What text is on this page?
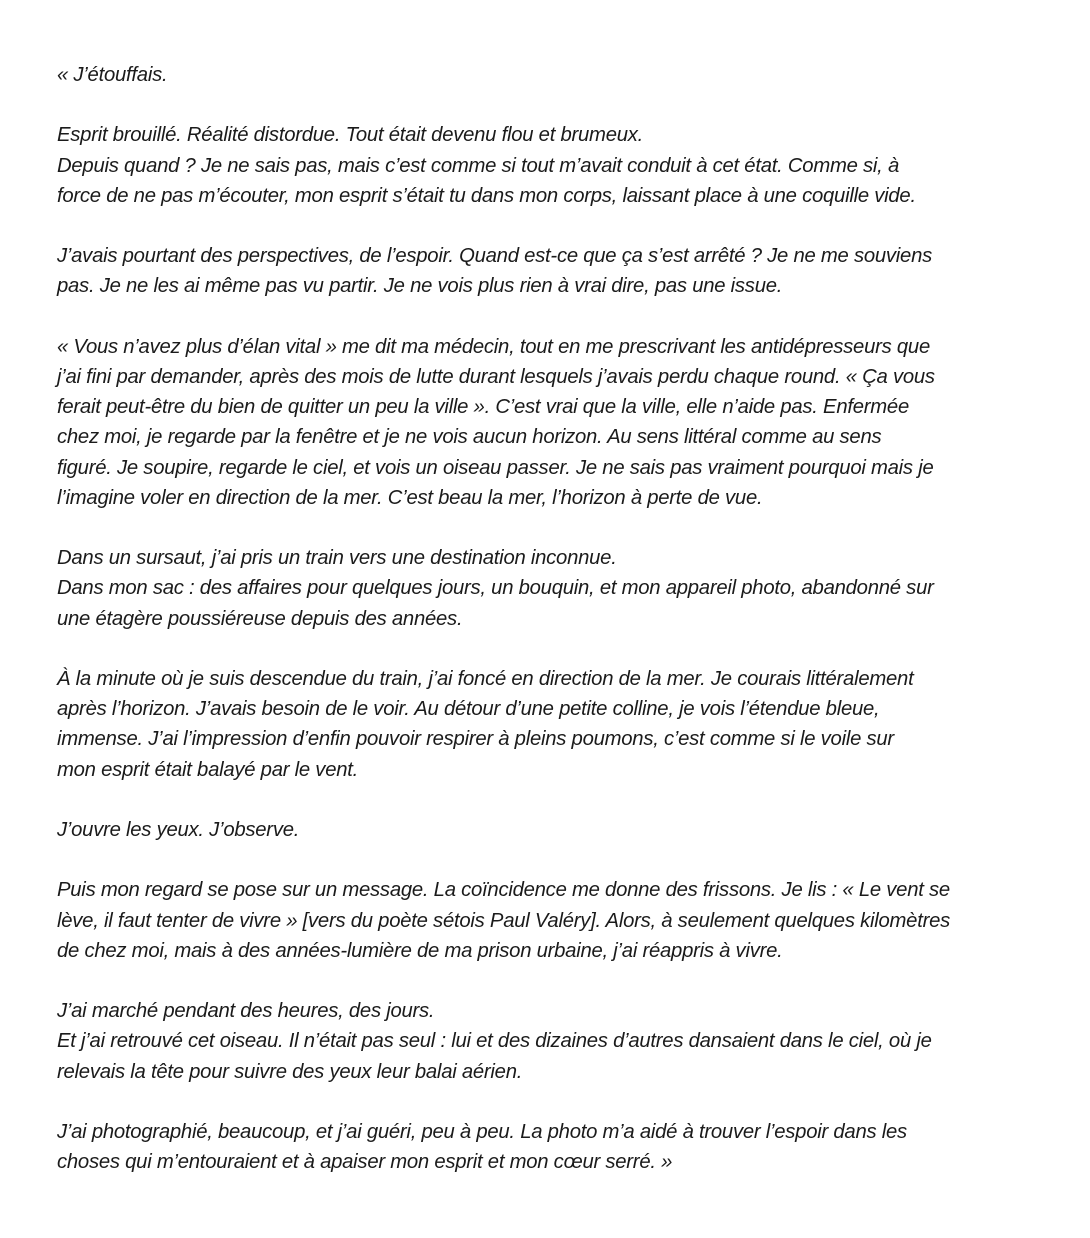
« J’étouffais.

Esprit brouillé. Réalité distordue. Tout était devenu flou et brumeux.
Depuis quand ? Je ne sais pas, mais c’est comme si tout m’avait conduit à cet état. Comme si, à
force de ne pas m’écouter, mon esprit s’était tu dans mon corps, laissant place à une coquille vide.

J’avais pourtant des perspectives, de l’espoir. Quand est-ce que ça s’est arrêté ? Je ne me souviens
pas. Je ne les ai même pas vu partir. Je ne vois plus rien à vrai dire, pas une issue.

« Vous n’avez plus d’élan vital » me dit ma médecin, tout en me prescrivant les antidépresseurs que
j’ai fini par demander, après des mois de lutte durant lesquels j’avais perdu chaque round. « Ça vous
ferait peut-être du bien de quitter un peu la ville ». C’est vrai que la ville, elle n’aide pas. Enfermée
chez moi, je regarde par la fenêtre et je ne vois aucun horizon. Au sens littéral comme au sens
figuré. Je soupire, regarde le ciel, et vois un oiseau passer. Je ne sais pas vraiment pourquoi mais je
l’imagine voler en direction de la mer. C’est beau la mer, l’horizon à perte de vue.

Dans un sursaut, j’ai pris un train vers une destination inconnue.
Dans mon sac : des affaires pour quelques jours, un bouquin, et mon appareil photo, abandonné sur
une étagère poussiéreuse depuis des années.

À la minute où je suis descendue du train, j’ai foncé en direction de la mer. Je courais littéralement
après l’horizon. J’avais besoin de le voir. Au détour d’une petite colline, je vois l’étendue bleue,
immense. J’ai l’impression d’enfin pouvoir respirer à pleins poumons, c’est comme si le voile sur
mon esprit était balayé par le vent.

J’ouvre les yeux. J’observe.

Puis mon regard se pose sur un message. La coïncidence me donne des frissons. Je lis : « Le vent se
lève, il faut tenter de vivre » [vers du poète sétois Paul Valéry]. Alors, à seulement quelques kilomètres
de chez moi, mais à des années-lumière de ma prison urbaine, j’ai réappris à vivre.

J’ai marché pendant des heures, des jours.
Et j’ai retrouvé cet oiseau. Il n’était pas seul : lui et des dizaines d’autres dansaient dans le ciel, où je
relevais la tête pour suivre des yeux leur balai aérien.

J’ai photographié, beaucoup, et j’ai guéri, peu à peu. La photo m’a aidé à trouver l’espoir dans les
choses qui m’entouraient et à apaiser mon esprit et mon cœur serré. »
